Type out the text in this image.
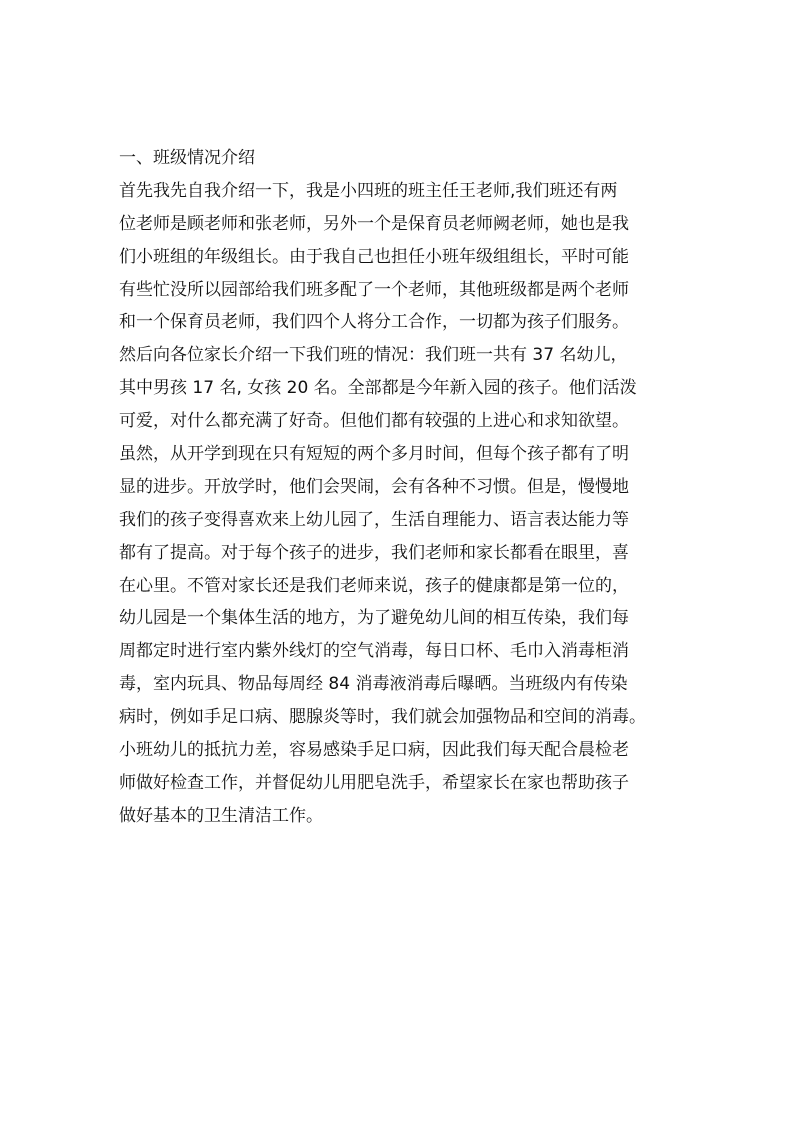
一、班级情况介绍
首先我先自我介绍一下，我是小四班的班主任王老师,我们班还有两
位老师是顾老师和张老师，另外一个是保育员老师阙老师，她也是我
们小班组的年级组长。由于我自己也担任小班年级组组长，平时可能
有些忙没所以园部给我们班多配了一个老师，其他班级都是两个老师
和一个保育员老师，我们四个人将分工合作，一切都为孩子们服务。
然后向各位家长介绍一下我们班的情况：我们班一共有 37 名幼儿，
其中男孩 17 名, 女孩 20 名。全部都是今年新入园的孩子。他们活泼
可爱，对什么都充满了好奇。但他们都有较强的上进心和求知欲望。
虽然，从开学到现在只有短短的两个多月时间，但每个孩子都有了明
显的进步。开放学时，他们会哭闹，会有各种不习惯。但是，慢慢地
我们的孩子变得喜欢来上幼儿园了，生活自理能力、语言表达能力等
都有了提高。对于每个孩子的进步，我们老师和家长都看在眼里，喜
在心里。不管对家长还是我们老师来说，孩子的健康都是第一位的，
幼儿园是一个集体生活的地方，为了避免幼儿间的相互传染，我们每
周都定时进行室内紫外线灯的空气消毒，每日口杯、毛巾入消毒柜消
毒，室内玩具、物品每周经 84 消毒液消毒后曝晒。当班级内有传染
病时，例如手足口病、腮腺炎等时，我们就会加强物品和空间的消毒。
小班幼儿的抵抗力差，容易感染手足口病，因此我们每天配合晨检老
师做好检查工作，并督促幼儿用肥皂洗手，希望家长在家也帮助孩子
做好基本的卫生清洁工作。
